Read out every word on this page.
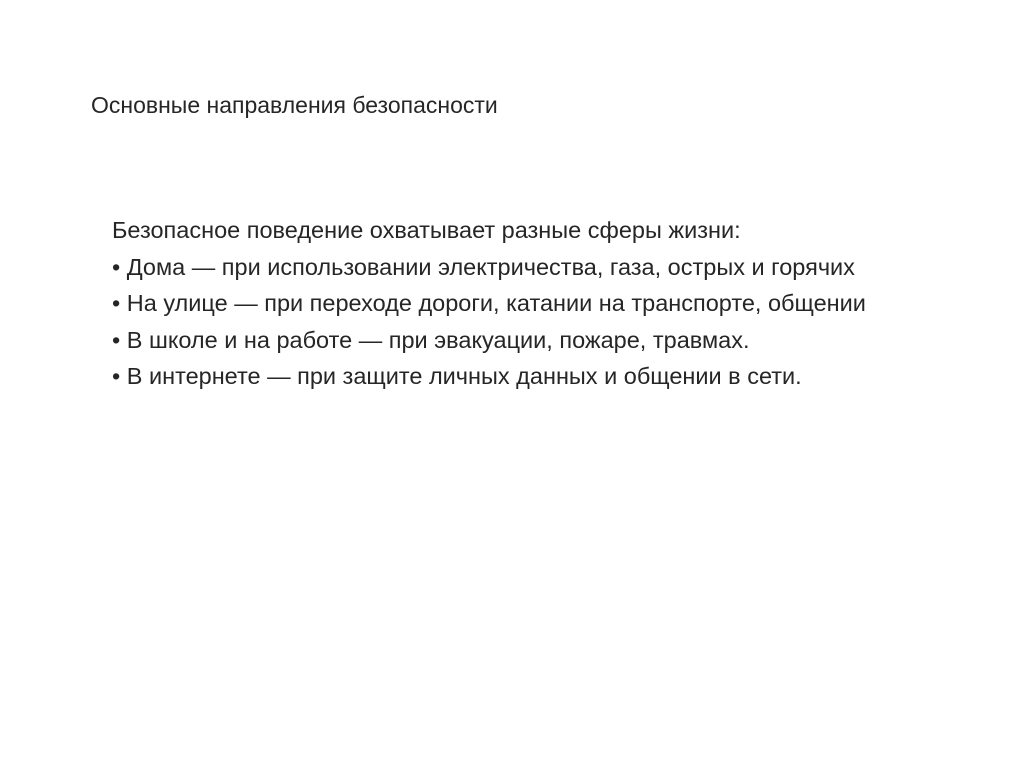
Основные направления безопасности
Безопасное поведение охватывает разные сферы жизни:
• Дома — при использовании электричества, газа, острых и горячих
• На улице — при переходе дороги, катании на транспорте, общении
• В школе и на работе — при эвакуации, пожаре, травмах.
• В интернете — при защите личных данных и общении в сети.
